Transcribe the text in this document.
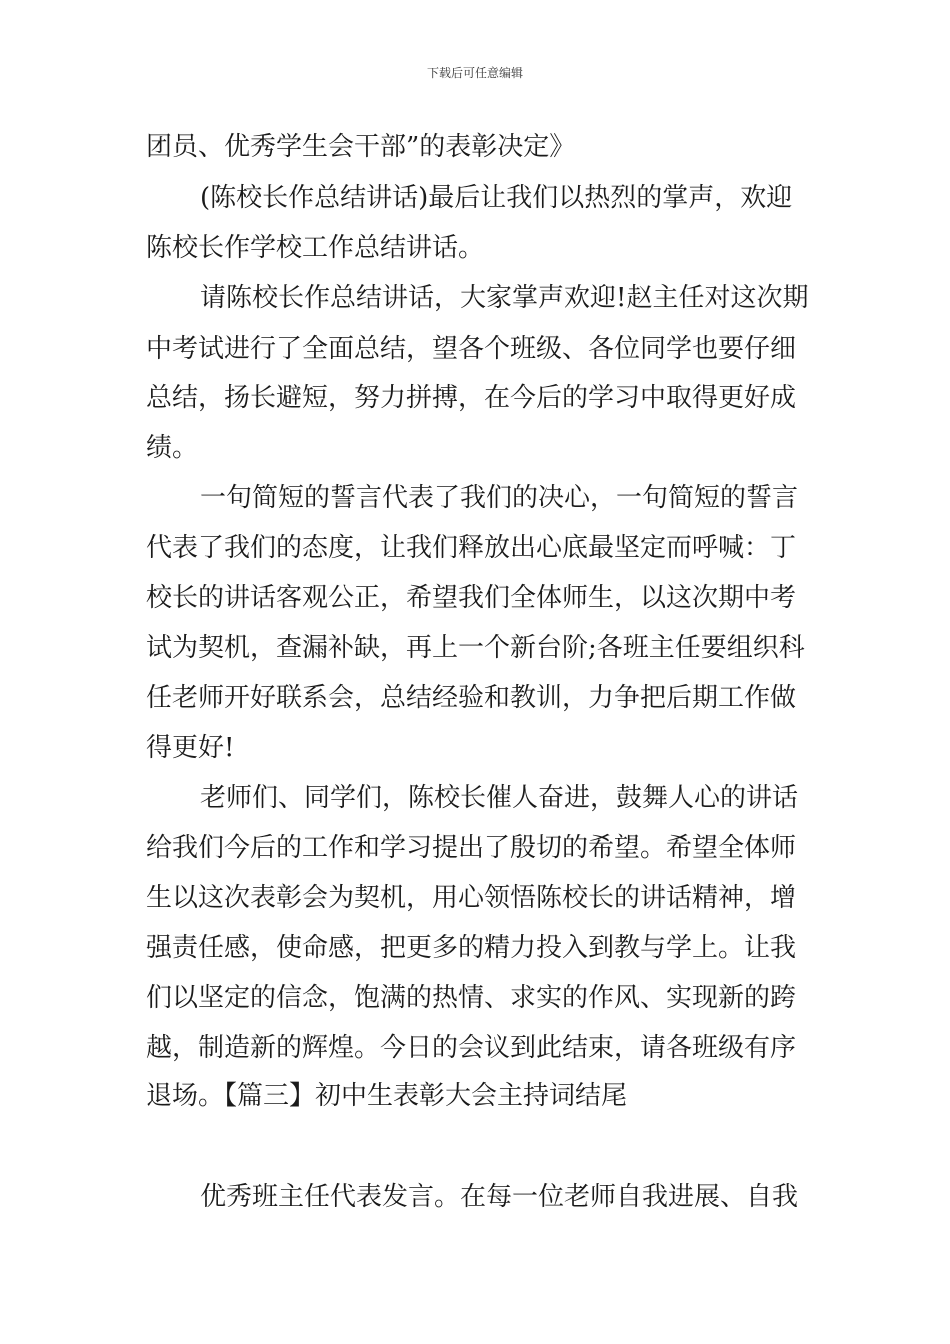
下载后可任意编辑
团员、优秀学生会干部”的表彰决定》
(陈校长作总结讲话)最后让我们以热烈的掌声，欢迎
陈校长作学校工作总结讲话。
请陈校长作总结讲话，大家掌声欢迎!赵主任对这次期
中考试进行了全面总结，望各个班级、各位同学也要仔细
总结，扬长避短，努力拼搏，在今后的学习中取得更好成
绩。
一句简短的誓言代表了我们的决心，一句简短的誓言
代表了我们的态度，让我们释放出心底最坚定而呼喊：丁
校长的讲话客观公正，希望我们全体师生，以这次期中考
试为契机，查漏补缺，再上一个新台阶;各班主任要组织科
任老师开好联系会，总结经验和教训，力争把后期工作做
得更好!
老师们、同学们，陈校长催人奋进，鼓舞人心的讲话
给我们今后的工作和学习提出了殷切的希望。希望全体师
生以这次表彰会为契机，用心领悟陈校长的讲话精神，增
强责任感，使命感，把更多的精力投入到教与学上。让我
们以坚定的信念，饱满的热情、求实的作风、实现新的跨
越，制造新的辉煌。今日的会议到此结束，请各班级有序
退场。【篇三】初中生表彰大会主持词结尾
优秀班主任代表发言。在每一位老师自我进展、自我
